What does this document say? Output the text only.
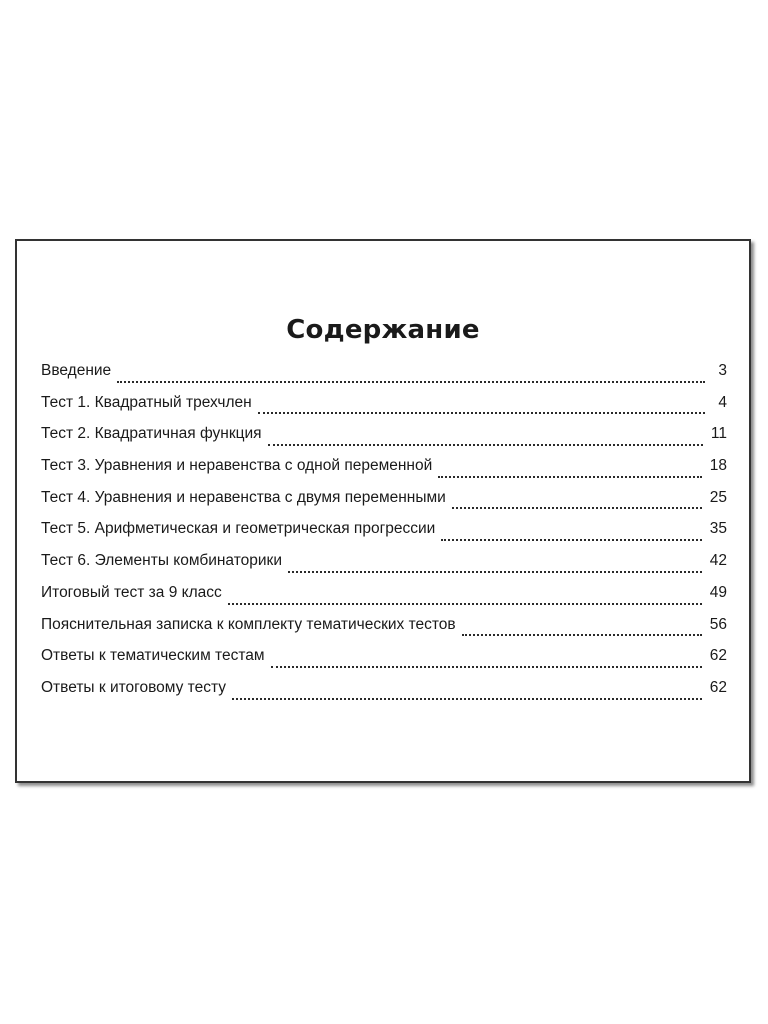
Содержание
Введение	3
Тест 1. Квадратный трехчлен	4
Тест 2. Квадратичная функция	11
Тест 3. Уравнения и неравенства с одной переменной	18
Тест 4. Уравнения и неравенства с двумя переменными	25
Тест 5. Арифметическая и геометрическая прогрессии	35
Тест 6. Элементы комбинаторики	42
Итоговый тест за 9 класс	49
Пояснительная записка к комплекту тематических тестов	56
Ответы к тематическим тестам	62
Ответы к итоговому тесту	62
